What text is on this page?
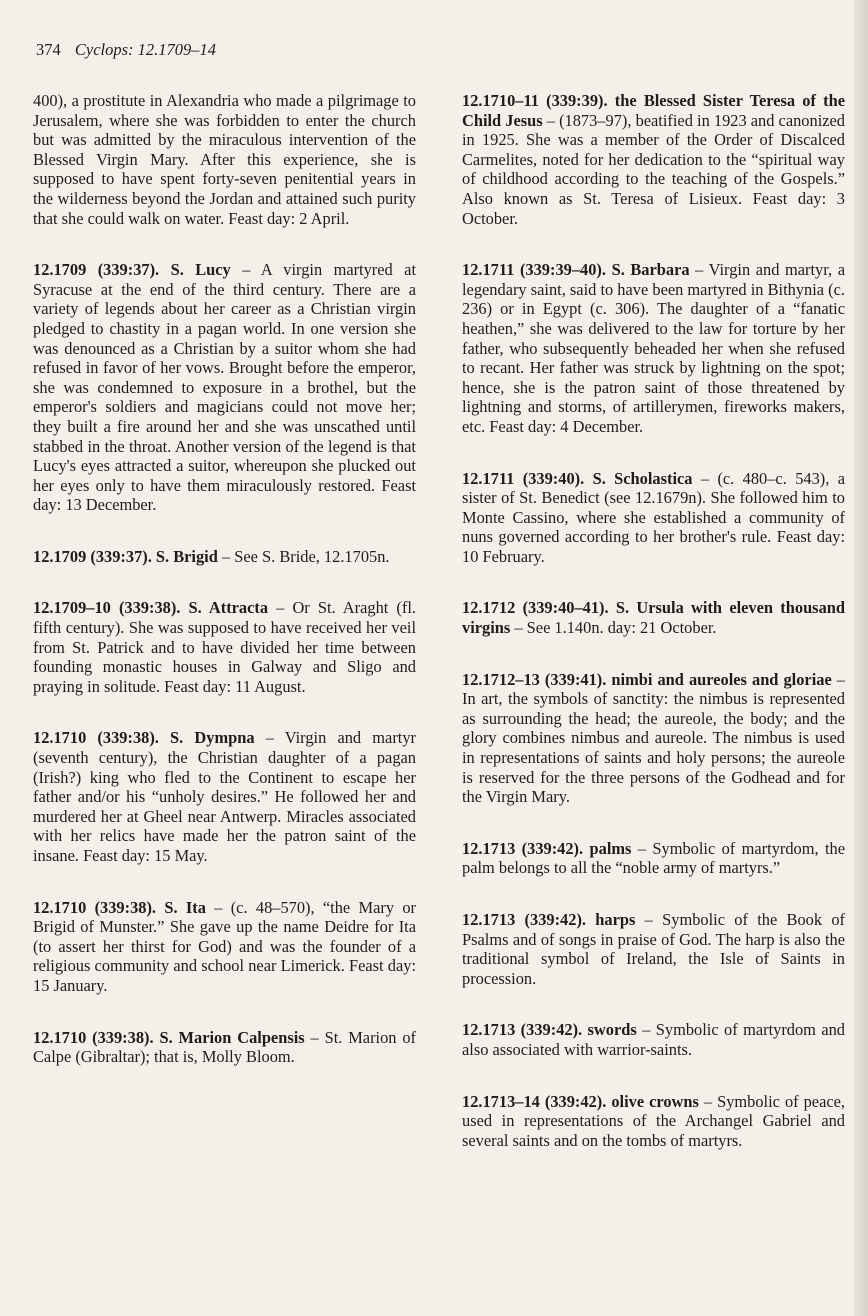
374 Cyclops: 12.1709–14

400), a prostitute in Alexandria who made a pilgrimage to Jerusalem, where she was forbidden to enter the church but was admitted by the miraculous intervention of the Blessed Virgin Mary. After this experience, she is supposed to have spent forty-seven penitential years in the wilderness beyond the Jordan and attained such purity that she could walk on water. Feast day: 2 April.

12.1709 (339:37). S. Lucy – A virgin martyred at Syracuse at the end of the third century. There are a variety of legends about her career as a Christian virgin pledged to chastity in a pagan world. In one version she was denounced as a Christian by a suitor whom she had refused in favor of her vows. Brought before the emperor, she was condemned to exposure in a brothel, but the emperor's soldiers and magicians could not move her; they built a fire around her and she was unscathed until stabbed in the throat. Another version of the legend is that Lucy's eyes attracted a suitor, whereupon she plucked out her eyes only to have them miraculously restored. Feast day: 13 December.

12.1709 (339:37). S. Brigid – See S. Bride, 12.1705n.

12.1709–10 (339:38). S. Attracta – Or St. Araght (fl. fifth century). She was supposed to have received her veil from St. Patrick and to have divided her time between founding monastic houses in Galway and Sligo and praying in solitude. Feast day: 11 August.

12.1710 (339:38). S. Dympna – Virgin and martyr (seventh century), the Christian daughter of a pagan (Irish?) king who fled to the Continent to escape her father and/or his “unholy desires.” He followed her and murdered her at Gheel near Antwerp. Miracles associated with her relics have made her the patron saint of the insane. Feast day: 15 May.

12.1710 (339:38). S. Ita – (c. 48–570), “the Mary or Brigid of Munster.” She gave up the name Deidre for Ita (to assert her thirst for God) and was the founder of a religious community and school near Limerick. Feast day: 15 January.

12.1710 (339:38). S. Marion Calpensis – St. Marion of Calpe (Gibraltar); that is, Molly Bloom.

12.1710–11 (339:39). the Blessed Sister Teresa of the Child Jesus – (1873–97), beatified in 1923 and canonized in 1925. She was a member of the Order of Discalced Carmelites, noted for her dedication to the “spiritual way of childhood according to the teaching of the Gospels.” Also known as St. Teresa of Lisieux. Feast day: 3 October.

12.1711 (339:39–40). S. Barbara – Virgin and martyr, a legendary saint, said to have been martyred in Bithynia (c. 236) or in Egypt (c. 306). The daughter of a “fanatic heathen,” she was delivered to the law for torture by her father, who subsequently beheaded her when she refused to recant. Her father was struck by lightning on the spot; hence, she is the patron saint of those threatened by lightning and storms, of artillerymen, fireworks makers, etc. Feast day: 4 December.

12.1711 (339:40). S. Scholastica – (c. 480–c. 543), a sister of St. Benedict (see 12.1679n). She followed him to Monte Cassino, where she established a community of nuns governed according to her brother's rule. Feast day: 10 February.

12.1712 (339:40–41). S. Ursula with eleven thousand virgins – See 1.140n. day: 21 October.

12.1712–13 (339:41). nimbi and aureoles and gloriae – In art, the symbols of sanctity: the nimbus is represented as surrounding the head; the aureole, the body; and the glory combines nimbus and aureole. The nimbus is used in representations of saints and holy persons; the aureole is reserved for the three persons of the Godhead and for the Virgin Mary.

12.1713 (339:42). palms – Symbolic of martyrdom, the palm belongs to all the “noble army of martyrs.”

12.1713 (339:42). harps – Symbolic of the Book of Psalms and of songs in praise of God. The harp is also the traditional symbol of Ireland, the Isle of Saints in procession.

12.1713 (339:42). swords – Symbolic of martyrdom and also associated with warrior-saints.

12.1713–14 (339:42). olive crowns – Symbolic of peace, used in representations of the Archangel Gabriel and several saints and on the tombs of martyrs.
